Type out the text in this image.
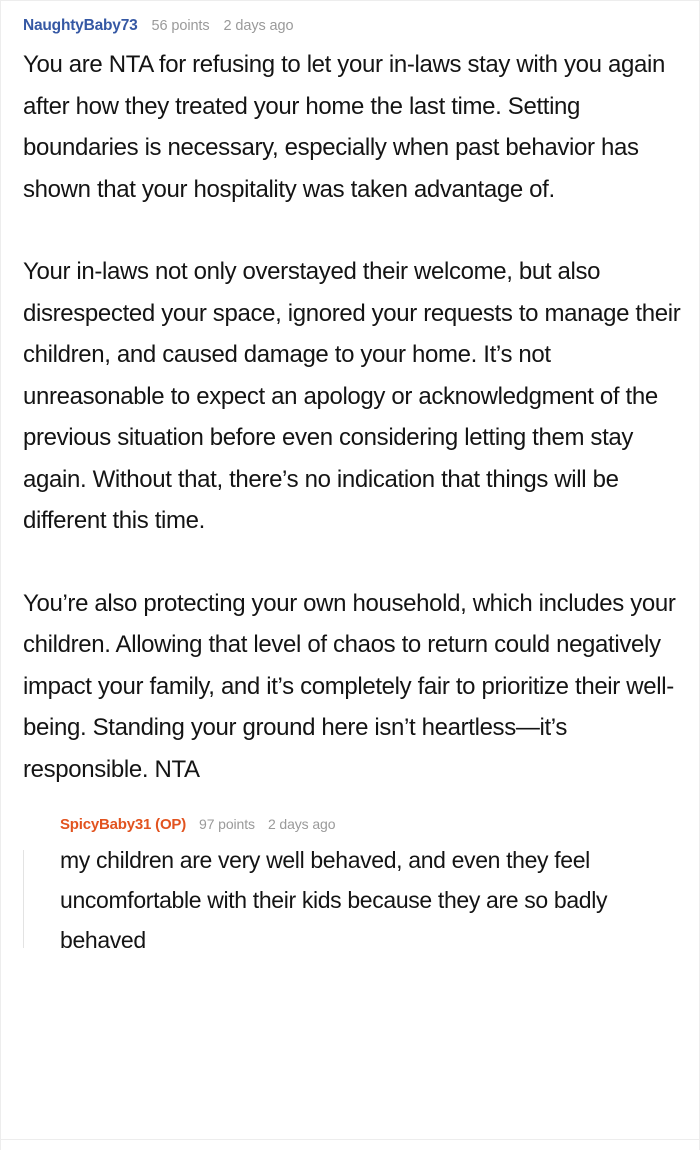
NaughtyBaby73 56 points 2 days ago

You are NTA for refusing to let your in-laws stay with you again after how they treated your home the last time. Setting boundaries is necessary, especially when past behavior has shown that your hospitality was taken advantage of.

Your in-laws not only overstayed their welcome, but also disrespected your space, ignored your requests to manage their children, and caused damage to your home. It’s not unreasonable to expect an apology or acknowledgment of the previous situation before even considering letting them stay again. Without that, there’s no indication that things will be different this time.

You’re also protecting your own household, which includes your children. Allowing that level of chaos to return could negatively impact your family, and it’s completely fair to prioritize their well-being. Standing your ground here isn’t heartless—it’s responsible. NTA

SpicyBaby31 (OP) 97 points 2 days ago

my children are very well behaved, and even they feel uncomfortable with their kids because they are so badly behaved
